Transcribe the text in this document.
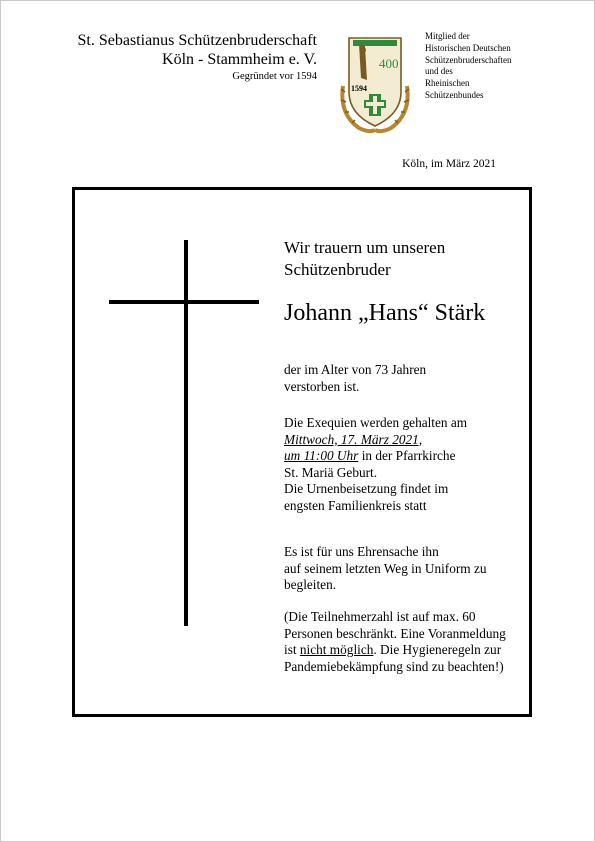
St. Sebastianus Schützenbruderschaft
Köln - Stammheim e. V.
Gegründet vor 1594
400
1594
Mitglied der
Historischen Deutschen
Schützenbruderschaften
und des
Rheinischen
Schützenbundes
Köln, im März 2021
Wir trauern um unseren
Schützenbruder
Johann „Hans“ Stärk
der im Alter von 73 Jahren
verstorben ist.
Die Exequien werden gehalten am
Mittwoch, 17. März 2021,
um 11:00 Uhr in der Pfarrkirche
St. Mariä Geburt.
Die Urnenbeisetzung findet im
engsten Familienkreis statt
Es ist für uns Ehrensache ihn
auf seinem letzten Weg in Uniform zu
begleiten.
(Die Teilnehmerzahl ist auf max. 60
Personen beschränkt. Eine Voranmeldung
ist nicht möglich. Die Hygieneregeln zur
Pandemiebekämpfung sind zu beachten!)
